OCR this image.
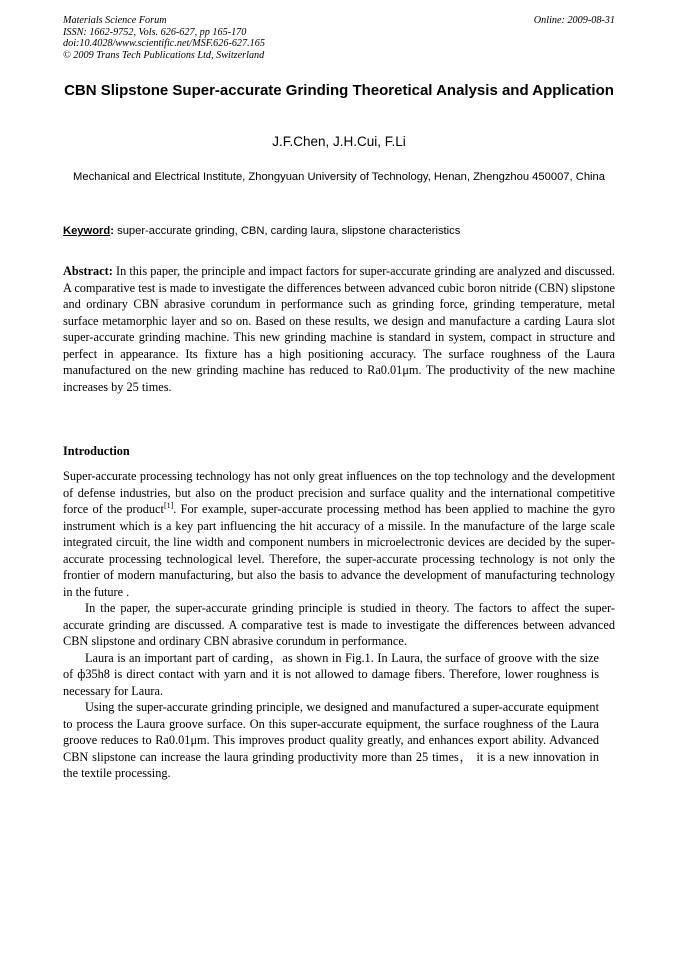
Materials Science Forum
ISSN: 1662-9752, Vols. 626-627, pp 165-170
doi:10.4028/www.scientific.net/MSF.626-627.165
© 2009 Trans Tech Publications Ltd, Switzerland
Online: 2009-08-31
CBN Slipstone Super-accurate Grinding Theoretical Analysis and Application
J.F.Chen, J.H.Cui, F.Li
Mechanical and Electrical Institute, Zhongyuan University of Technology, Henan, Zhengzhou 450007, China
Keyword: super-accurate grinding, CBN, carding laura, slipstone characteristics
Abstract: In this paper, the principle and impact factors for super-accurate grinding are analyzed and discussed. A comparative test is made to investigate the differences between advanced cubic boron nitride (CBN) slipstone and ordinary CBN abrasive corundum in performance such as grinding force, grinding temperature, metal surface metamorphic layer and so on. Based on these results, we design and manufacture a carding Laura slot super-accurate grinding machine. This new grinding machine is standard in system, compact in structure and perfect in appearance. Its fixture has a high positioning accuracy. The surface roughness of the Laura manufactured on the new grinding machine has reduced to Ra0.01μm. The productivity of the new machine increases by 25 times.
Introduction

Super-accurate processing technology has not only great influences on the top technology and the development of defense industries, but also on the product precision and surface quality and the international competitive force of the product[1]. For example, super-accurate processing method has been applied to machine the gyro instrument which is a key part influencing the hit accuracy of a missile. In the manufacture of the large scale integrated circuit, the line width and component numbers in microelectronic devices are decided by the super-accurate processing technological level. Therefore, the super-accurate processing technology is not only the frontier of modern manufacturing, but also the basis to advance the development of manufacturing technology in the future .

In the paper, the super-accurate grinding principle is studied in theory. The factors to affect the super-accurate grinding are discussed. A comparative test is made to investigate the differences between advanced CBN slipstone and ordinary CBN abrasive corundum in performance.

Laura is an important part of carding，as shown in Fig.1. In Laura, the surface of groove with the size of ф35h8 is direct contact with yarn and it is not allowed to damage fibers. Therefore, lower roughness is necessary for Laura.

Using the super-accurate grinding principle, we designed and manufactured a super-accurate equipment to process the Laura groove surface. On this super-accurate equipment, the surface roughness of the Laura groove reduces to Ra0.01μm. This improves product quality greatly, and enhances export ability. Advanced CBN slipstone can increase the laura grinding productivity more than 25 times， it is a new innovation in the textile processing.
